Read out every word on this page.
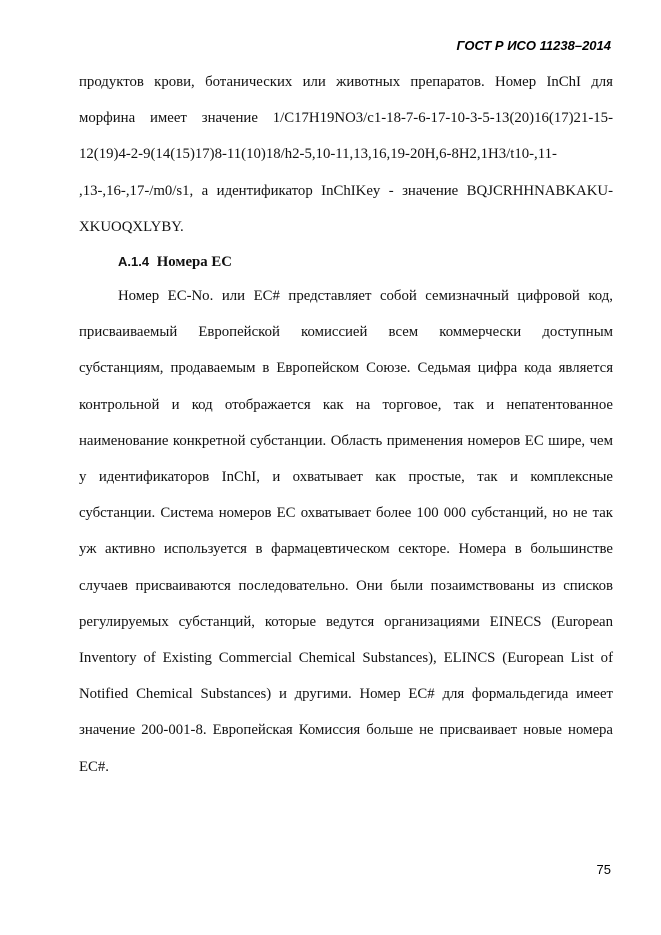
ГОСТ Р ИСО 11238–2014

продуктов крови, ботанических или животных препаратов. Номер InChI для морфина имеет значение 1/C17H19NO3/c1-18-7-6-17-10-3-5-13(20)16(17)21-15-12(19)4-2-9(14(15)17)8-11(10)18/h2-5,10-11,13,16,19-20H,6-8H2,1H3/t10-,11- ,13-,16-,17-/m0/s1, а идентификатор InChIKey - значение BQJCRHHNABKAKU-XKUOQXLYBY.

А.1.4 Номера ЕС

Номер EC-No. или EC# представляет собой семизначный цифровой код, присваиваемый Европейской комиссией всем коммерчески доступным субстанциям, продаваемым в Европейском Союзе. Седьмая цифра кода является контрольной и код отображается как на торговое, так и непатентованное наименование конкретной субстанции. Область применения номеров ЕС шире, чем у идентификаторов InChI, и охватывает как простые, так и комплексные субстанции. Система номеров ЕС охватывает более 100 000 субстанций, но не так уж активно используется в фармацевтическом секторе. Номера в большинстве случаев присваиваются последовательно. Они были позаимствованы из списков регулируемых субстанций, которые ведутся организациями EINECS (European Inventory of Existing Commercial Chemical Substances), ELINCS (European List of Notified Chemical Substances) и другими. Номер EC# для формальдегида имеет значение 200-001-8. Европейская Комиссия больше не присваивает новые номера ЕС#.

75
